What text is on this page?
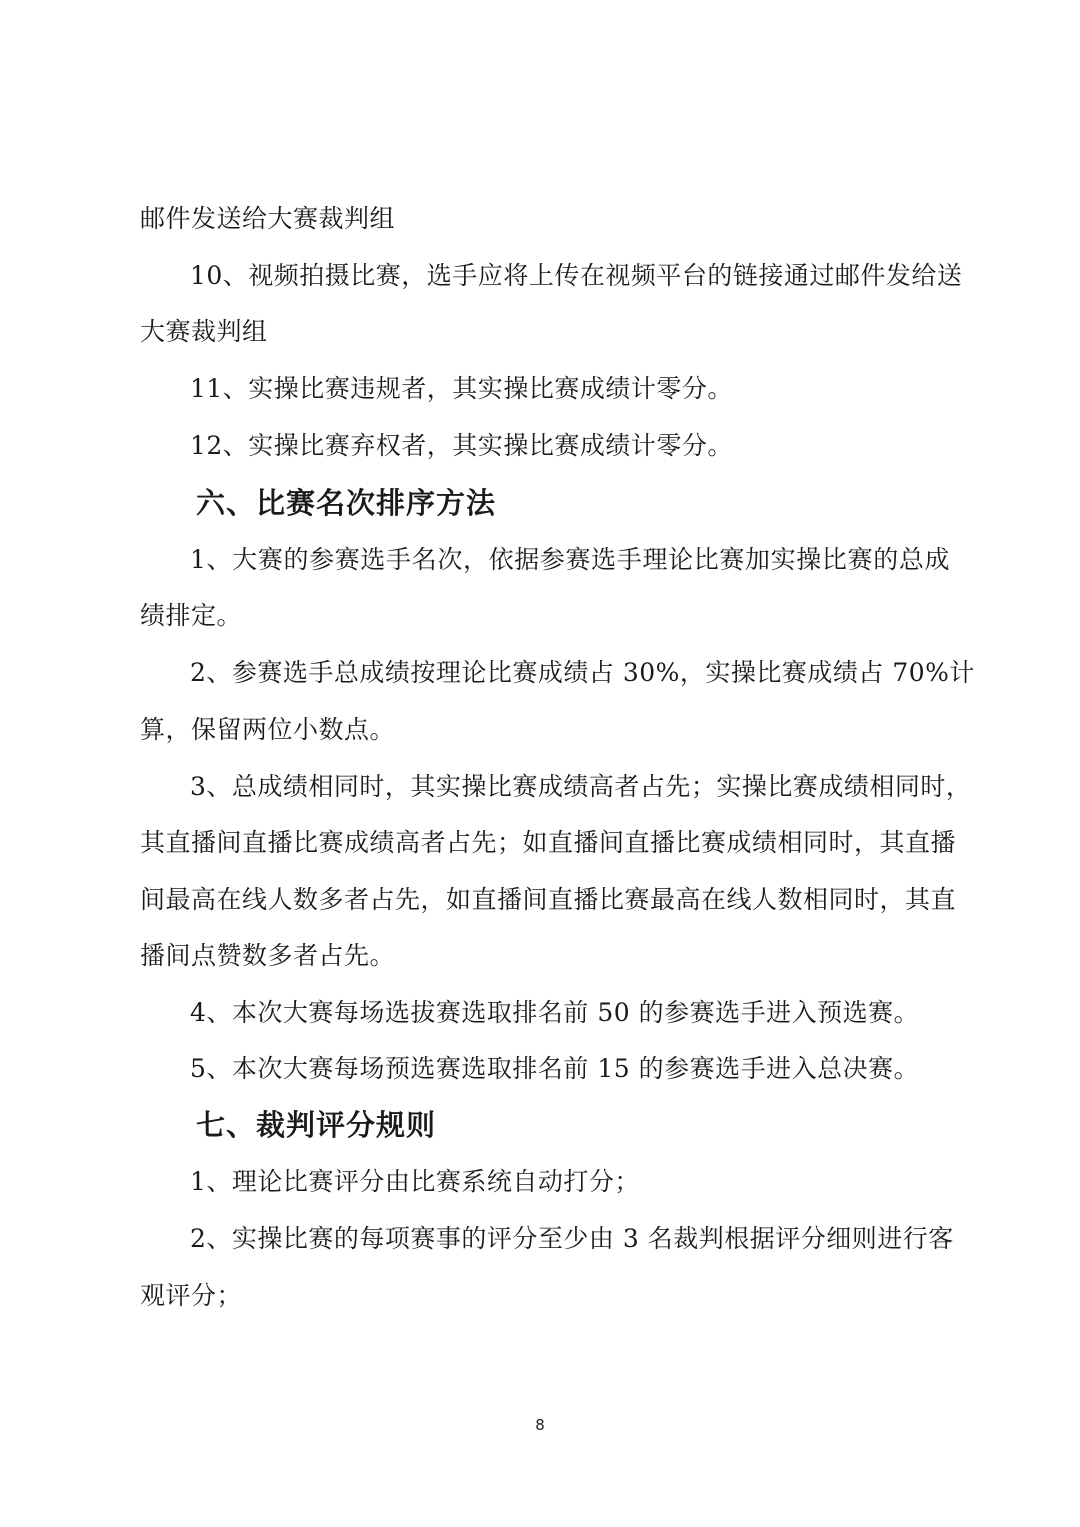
邮件发送给大赛裁判组
10、视频拍摄比赛，选手应将上传在视频平台的链接通过邮件发给送
大赛裁判组
11、实操比赛违规者，其实操比赛成绩计零分。
12、实操比赛弃权者，其实操比赛成绩计零分。
六、比赛名次排序方法
1、大赛的参赛选手名次，依据参赛选手理论比赛加实操比赛的总成
绩排定。
2、参赛选手总成绩按理论比赛成绩占 30%，实操比赛成绩占 70%计
算，保留两位小数点。
3、总成绩相同时，其实操比赛成绩高者占先；实操比赛成绩相同时，
其直播间直播比赛成绩高者占先；如直播间直播比赛成绩相同时，其直播
间最高在线人数多者占先，如直播间直播比赛最高在线人数相同时，其直
播间点赞数多者占先。
4、本次大赛每场选拔赛选取排名前 50 的参赛选手进入预选赛。
5、本次大赛每场预选赛选取排名前 15 的参赛选手进入总决赛。
七、裁判评分规则
1、理论比赛评分由比赛系统自动打分；
2、实操比赛的每项赛事的评分至少由 3 名裁判根据评分细则进行客
观评分；
8
